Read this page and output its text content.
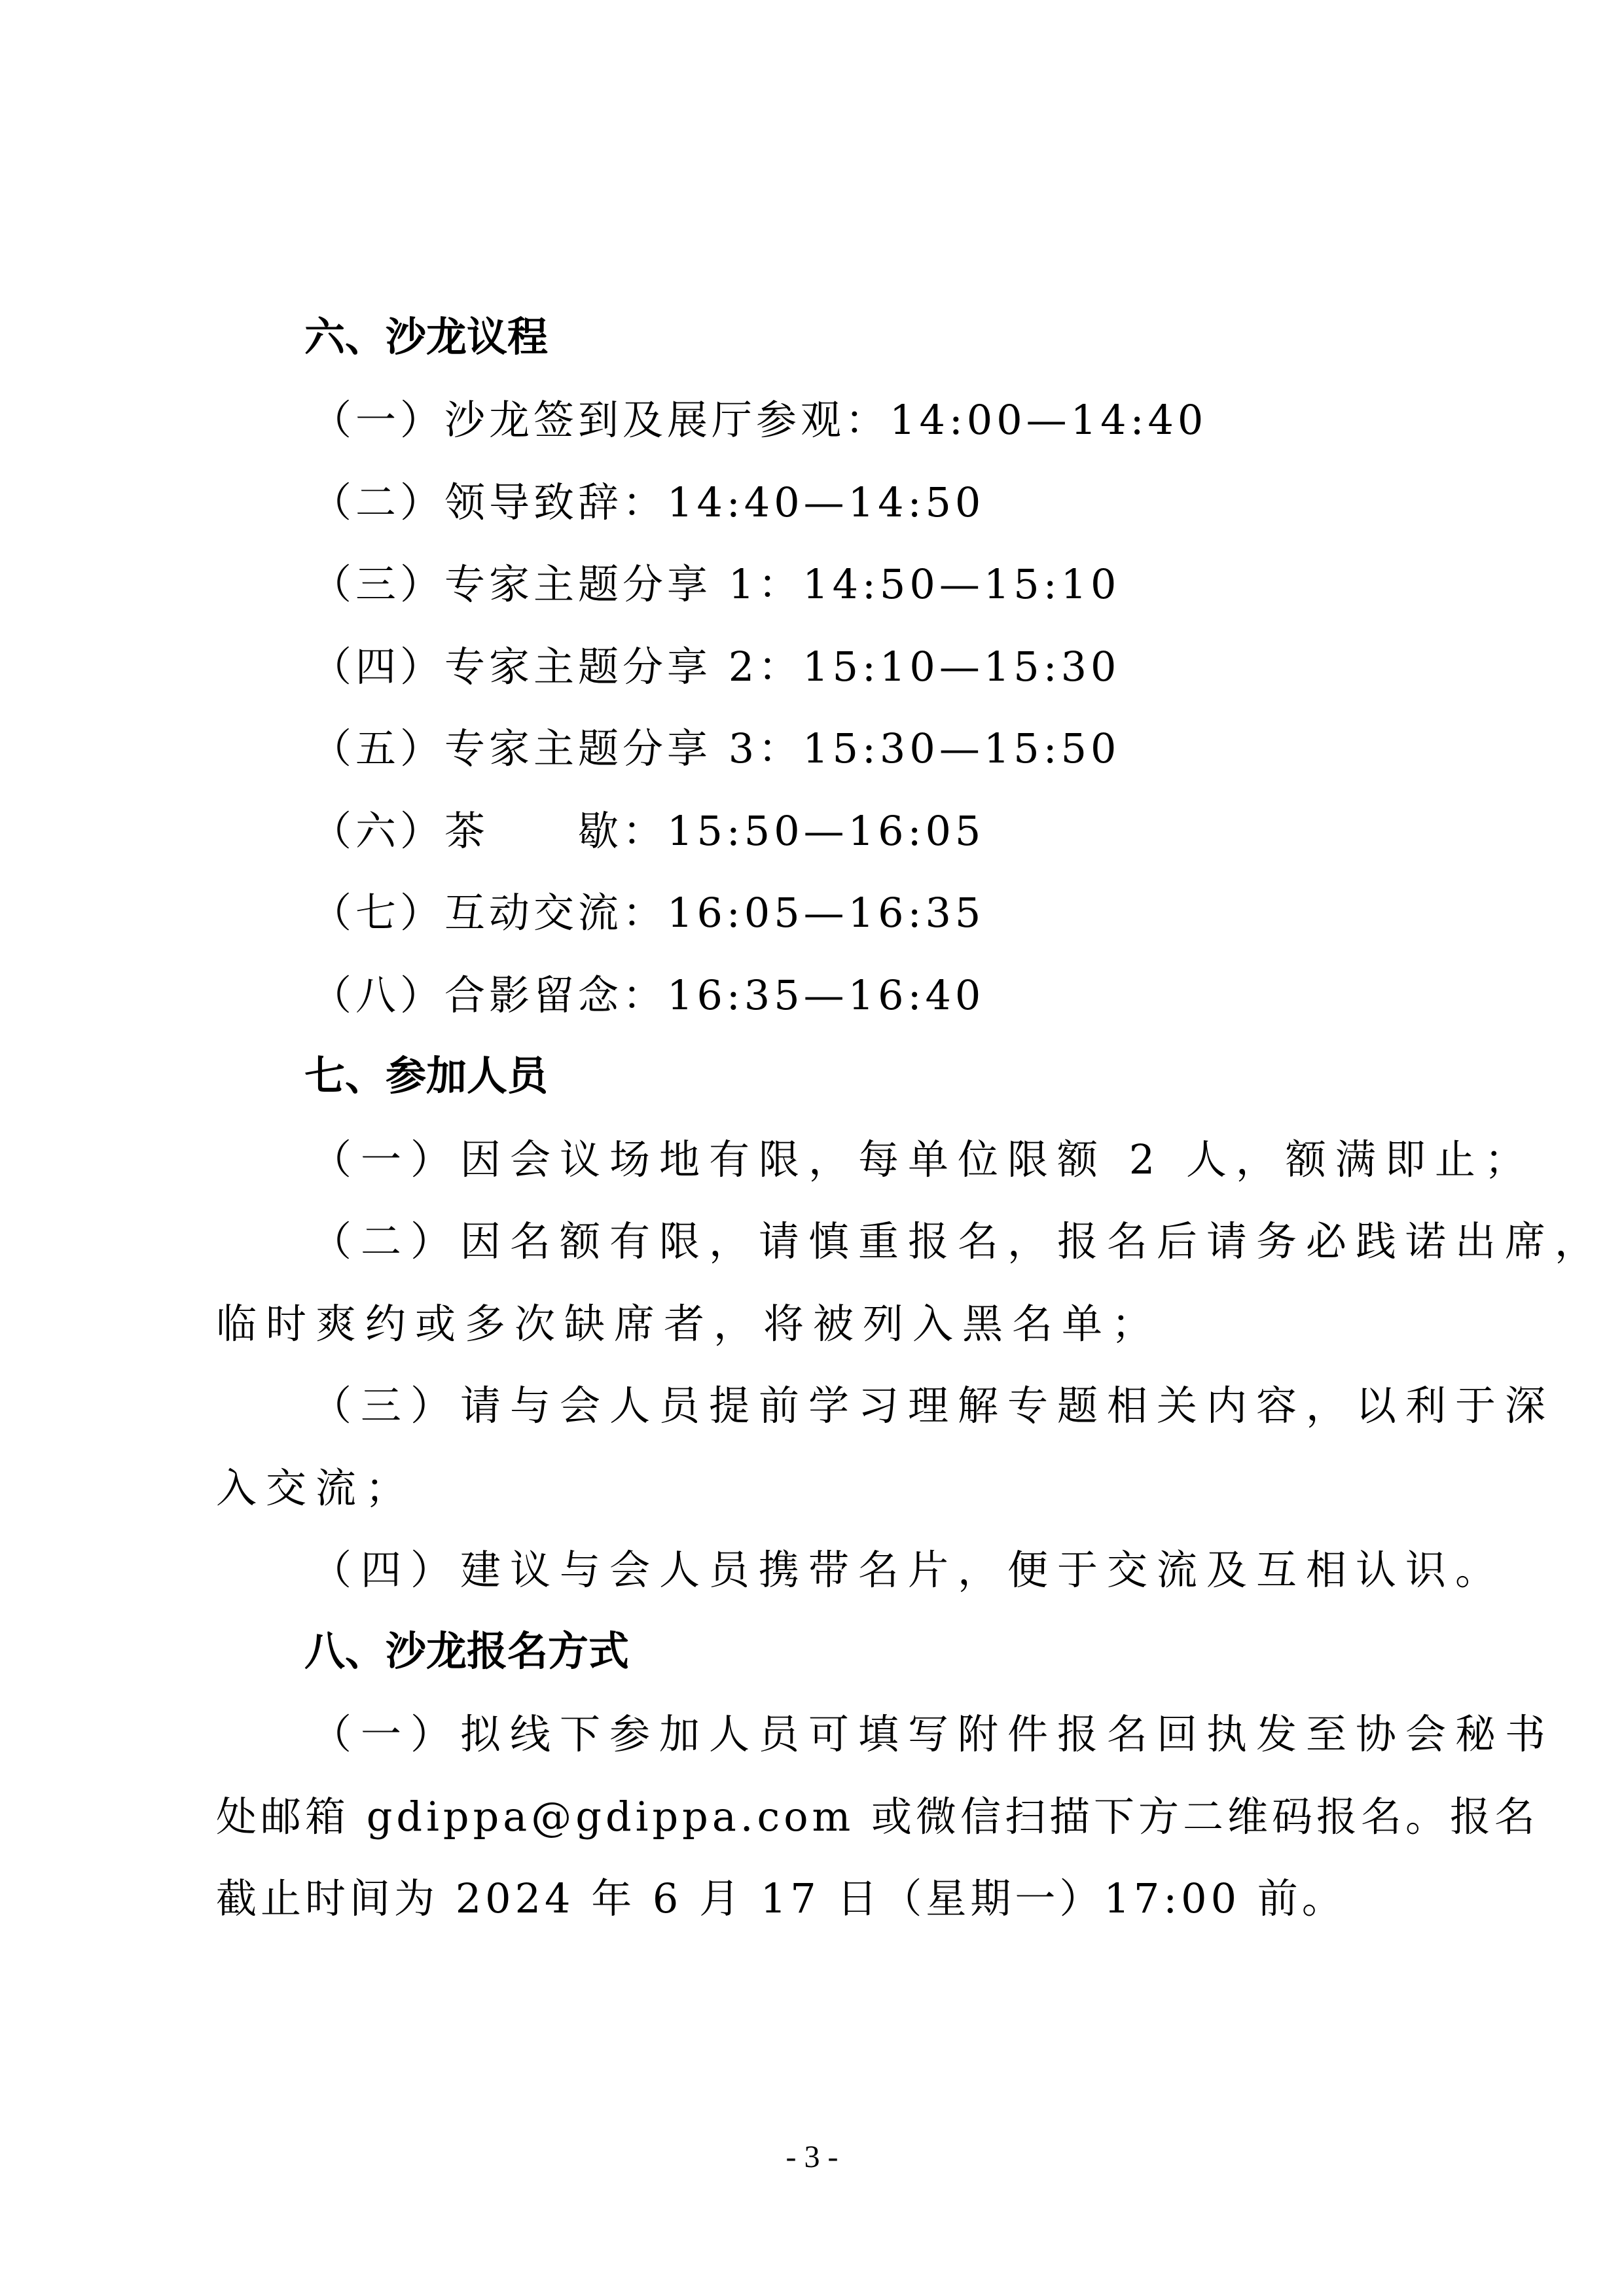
六、沙龙议程
（一）沙龙签到及展厅参观：14:00—14:40
（二）领导致辞：14:40—14:50
（三）专家主题分享 1：14:50—15:10
（四）专家主题分享 2：15:10—15:30
（五）专家主题分享 3：15:30—15:50
（六）茶　　歇：15:50—16:05
（七）互动交流：16:05—16:35
（八）合影留念：16:35—16:40
七、参加人员
（一）因会议场地有限，每单位限额 2 人，额满即止；
（二）因名额有限，请慎重报名，报名后请务必践诺出席，
临时爽约或多次缺席者，将被列入黑名单；
（三）请与会人员提前学习理解专题相关内容，以利于深
入交流；
（四）建议与会人员携带名片，便于交流及互相认识。
八、沙龙报名方式
（一）拟线下参加人员可填写附件报名回执发至协会秘书
处邮箱 gdippa@gdippa.com 或微信扫描下方二维码报名。报名
截止时间为 2024 年 6 月 17 日（星期一）17:00 前。
- 3 -
